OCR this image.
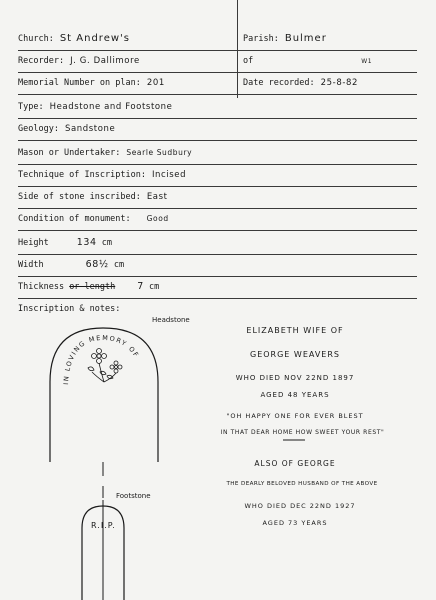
Church: St Andrew's	Parish: Bulmer
Recorder: J. G. Dallimore	of	W1
Memorial Number on plan: 201	Date recorded: 25-8-82
Type: Headstone and Footstone
Geology: Sandstone
Mason or Undertaker: Searle Sudbury
Technique of Inscription: Incised
Side of stone inscribed: East
Condition of monument: Good
Height	134 cm
Width	68½ cm
Thickness or length 7 cm
Inscription & notes:
IN LOVING MEMORY OF
Headstone
Footstone
R.I.P.
ELIZABETH WIFE OF
GEORGE WEAVERS
WHO DIED NOV 22ND 1897
AGED 48 YEARS
"OH HAPPY ONE FOR EVER BLEST
IN THAT DEAR HOME HOW SWEET YOUR REST"
ALSO OF GEORGE
THE DEARLY BELOVED HUSBAND OF THE ABOVE
WHO DIED DEC 22ND 1927
AGED 73 YEARS
